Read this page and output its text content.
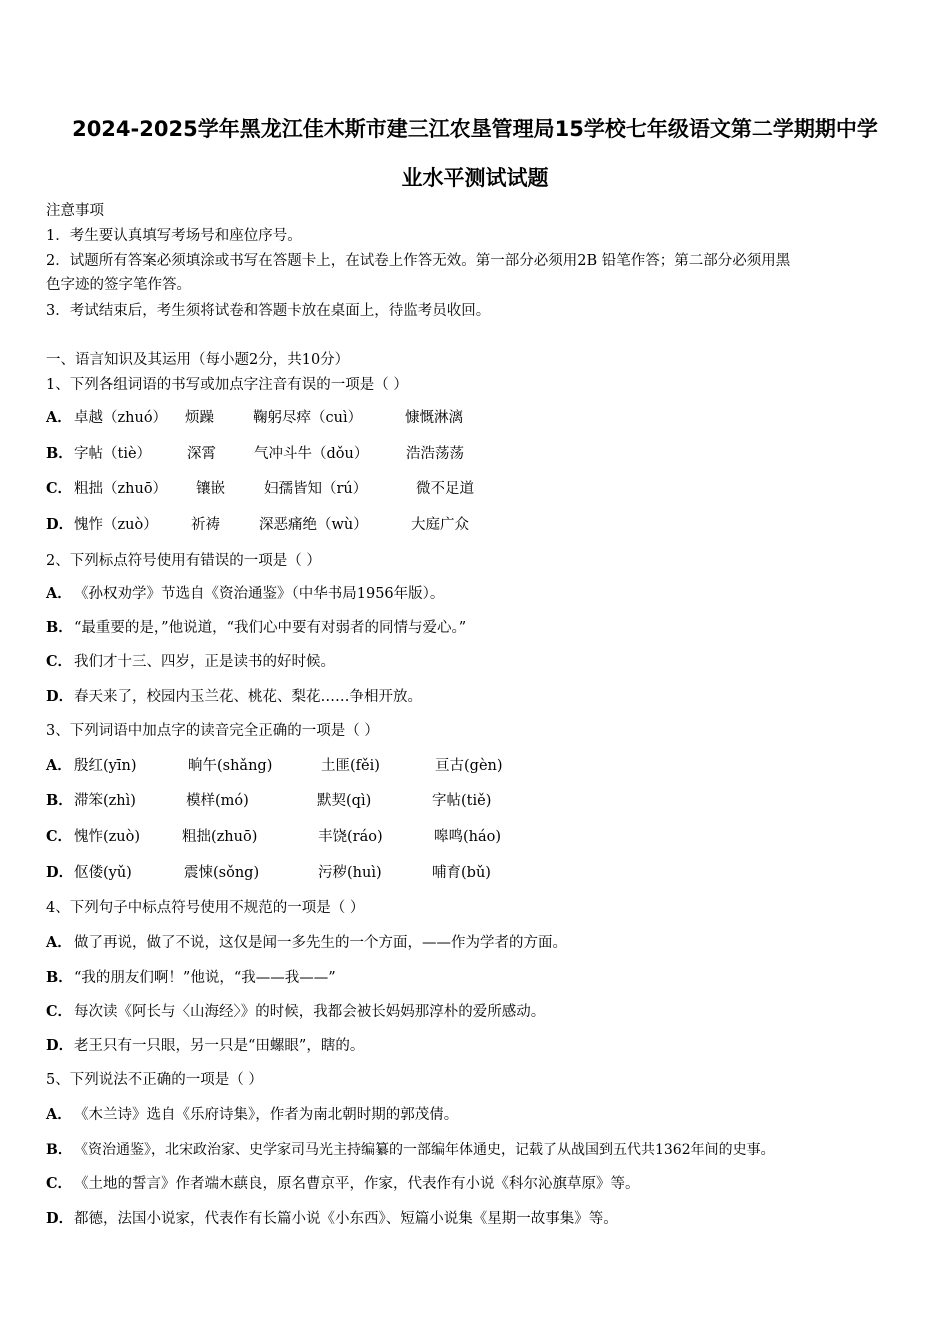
2024-2025学年黑龙江佳木斯市建三江农垦管理局15学校七年级语文第二学期期中学
业水平测试试题
注意事项
1．考生要认真填写考场号和座位序号。
2．试题所有答案必须填涂或书写在答题卡上，在试卷上作答无效。第一部分必须用2B 铅笔作答；第二部分必须用黑
色字迹的签字笔作答。
3．考试结束后，考生须将试卷和答题卡放在桌面上，待监考员收回。
一、语言知识及其运用（每小题2分，共10分）
1、下列各组词语的书写或加点字注音有误的一项是（ ）
A． 卓越（zhuó） 烦躁	鞠躬尽瘁（cuì）	慷慨淋漓
B．字帖（tiè） 深霄	气冲斗牛（dǒu）	浩浩荡荡
C． 粗拙（zhuō） 镶嵌	妇孺皆知（rú）	微不足道
D．愧怍（zuò） 祈祷	深恶痛绝（wù）	大庭广众
2、下列标点符号使用有错误的一项是（ ）
A． 《孙权劝学》节选自《资治通鉴》（中华书局1956年版）。
B．“最重要的是，”他说道，“我们心中要有对弱者的同情与爱心。”
C． 我们才十三、四岁，正是读书的好时候。
D．春天来了，校园内玉兰花、桃花、梨花……争相开放。
3、下列词语中加点字的读音完全正确的一项是（ ）
A． 殷红(yīn)	晌午(shǎng)	土匪(fěi)	亘古(gèn)
B．滞笨(zhì)	模样(mó)	默契(qì)	字帖(tiě)
C． 愧怍(zuò)	粗拙(zhuō)	丰饶(ráo)	嗥鸣(háo)
D．伛偻(yǔ)	震悚(sǒng)	污秽(huì)	哺育(bǔ)
4、下列句子中标点符号使用不规范的一项是（ ）
A． 做了再说，做了不说，这仅是闻一多先生的一个方面，——作为学者的方面。
B．“我的朋友们啊！”他说，“我——我——”
C． 每次读《阿长与〈山海经〉》的时候，我都会被长妈妈那淳朴的爱所感动。
D．老王只有一只眼，另一只是“田螺眼”，瞎的。
5、下列说法不正确的一项是（ ）
A． 《木兰诗》选自《乐府诗集》，作者为南北朝时期的郭茂倩。
B． 《资治通鉴》，北宋政治家、史学家司马光主持编纂的一部编年体通史，记载了从战国到五代共1362年间的史事。
C． 《土地的誓言》作者端木蕻良，原名曹京平，作家，代表作有小说《科尔沁旗草原》等。
D．都德，法国小说家，代表作有长篇小说《小东西》、短篇小说集《星期一故事集》等。
